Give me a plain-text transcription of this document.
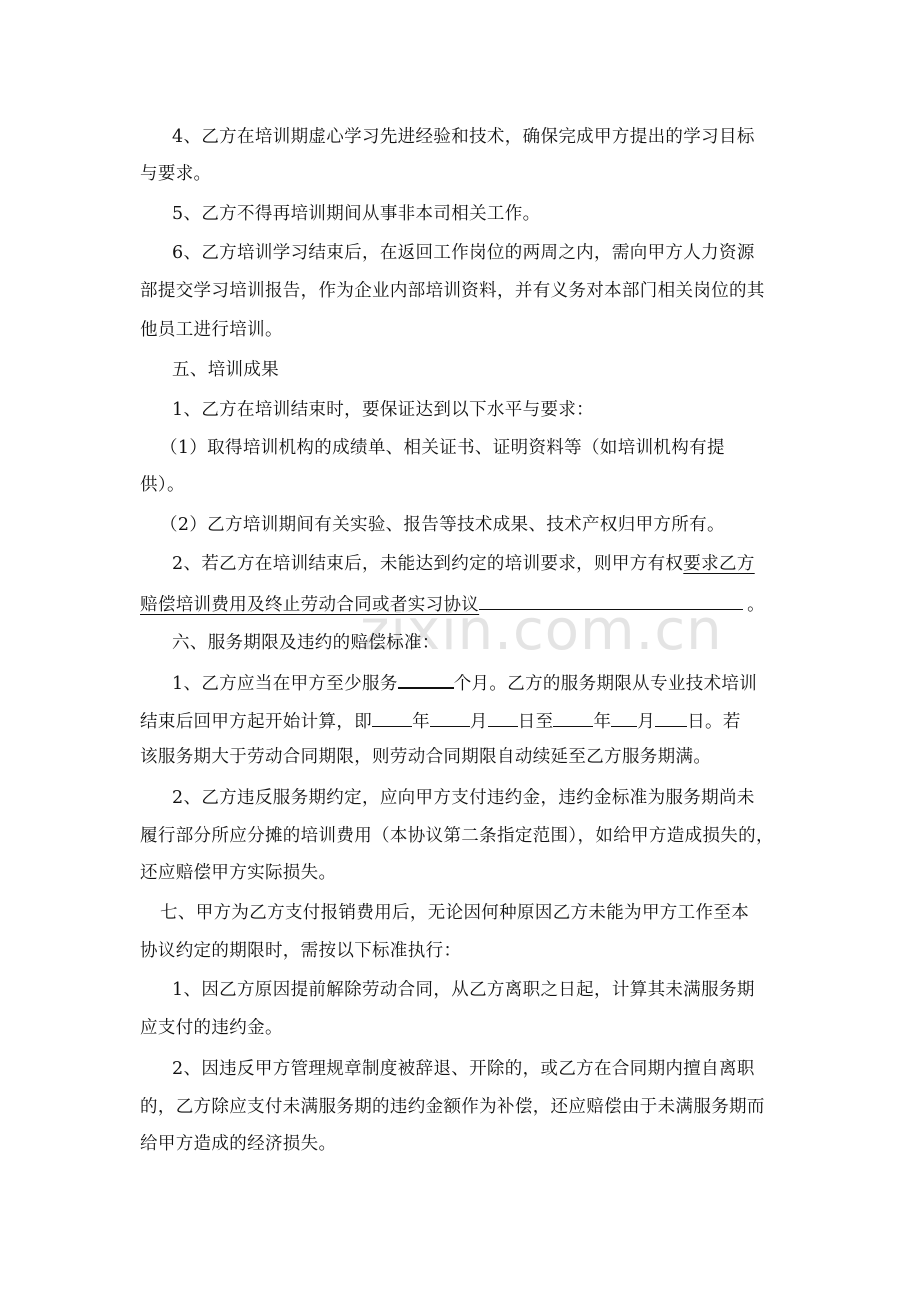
zixin.com.cn
4、乙方在培训期虚心学习先进经验和技术，确保完成甲方提出的学习目标
与要求。
5、乙方不得再培训期间从事非本司相关工作。
6、乙方培训学习结束后，在返回工作岗位的两周之内，需向甲方人力资源
部提交学习培训报告，作为企业内部培训资料，并有义务对本部门相关岗位的其
他员工进行培训。
五、培训成果
1、乙方在培训结束时，要保证达到以下水平与要求：
（1）取得培训机构的成绩单、相关证书、证明资料等（如培训机构有提
供）。
（2）乙方培训期间有关实验、报告等技术成果、技术产权归甲方所有。
2、若乙方在培训结束后，未能达到约定的培训要求，则甲方有权要求乙方
赔偿培训费用及终止劳动合同或者实习协议	。
六、服务期限及违约的赔偿标准：
1、乙方应当在甲方至少服务	个月。乙方的服务期限从专业技术培训
结束后回甲方起开始计算，即 年 月 日至 年 月 日。若
该服务期大于劳动合同期限，则劳动合同期限自动续延至乙方服务期满。
2、乙方违反服务期约定，应向甲方支付违约金，违约金标准为服务期尚未
履行部分所应分摊的培训费用（本协议第二条指定范围），如给甲方造成损失的，
还应赔偿甲方实际损失。
七、甲方为乙方支付报销费用后，无论因何种原因乙方未能为甲方工作至本
协议约定的期限时，需按以下标准执行：
1、因乙方原因提前解除劳动合同，从乙方离职之日起，计算其未满服务期
应支付的违约金。
2、因违反甲方管理规章制度被辞退、开除的，或乙方在合同期内擅自离职
的，乙方除应支付未满服务期的违约金额作为补偿，还应赔偿由于未满服务期而
给甲方造成的经济损失。
